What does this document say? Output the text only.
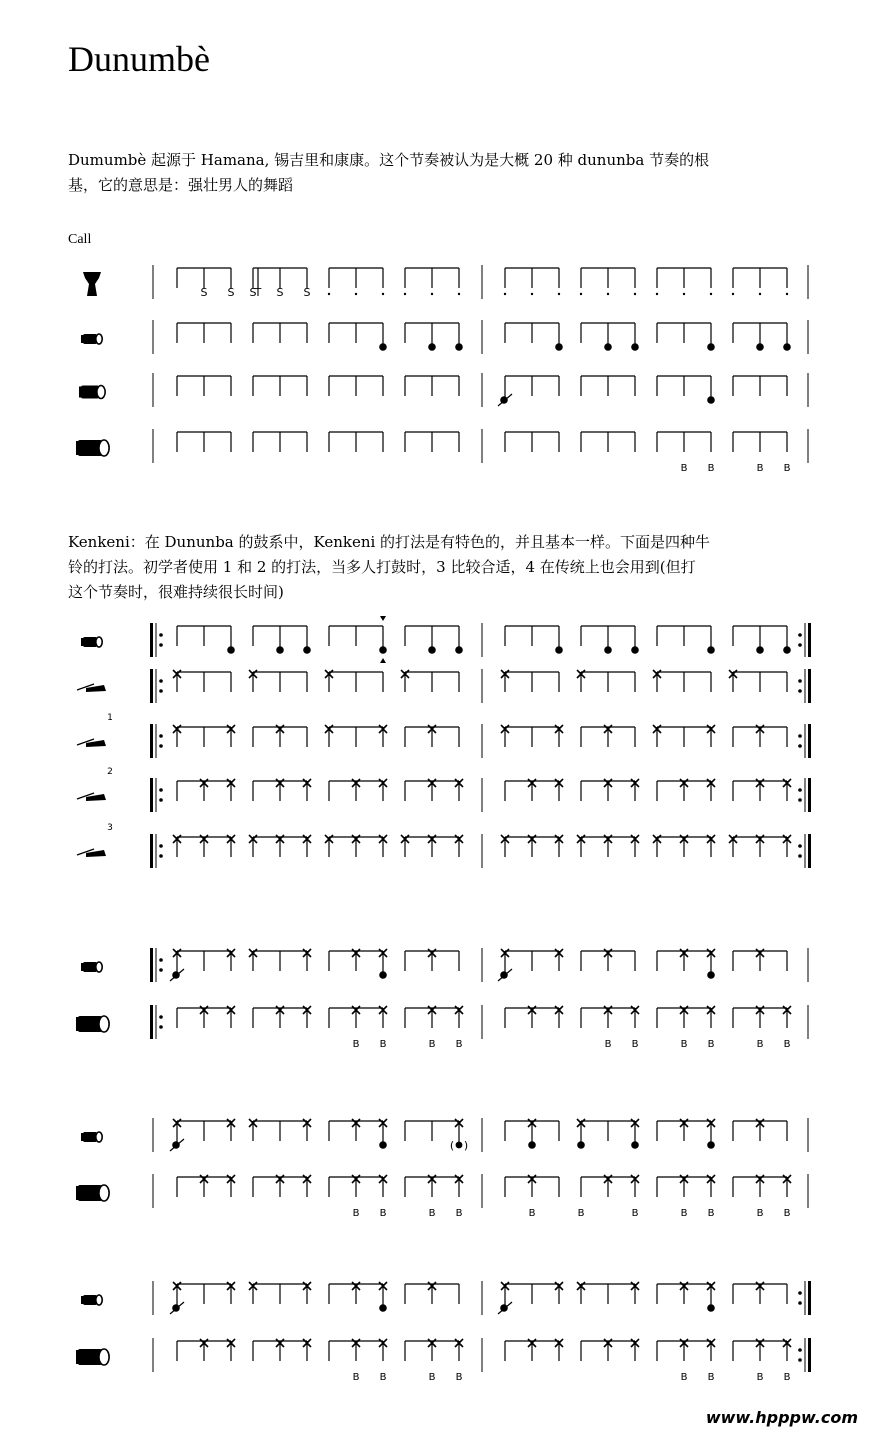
Dunumbè
Dumumbè 起源于 Hamana, 锡吉里和康康。这个节奏被认为是大概 20 种 dununba 节奏的根
基，它的意思是：强壮男人的舞蹈
Call
Kenkeni：在 Dununba 的鼓系中，Kenkeni 的打法是有特色的，并且基本一样。下面是四种牛
铃的打法。初学者使用 1 和 2 的打法，当多人打鼓时，3 比较合适，4 在传统上也会用到(但打
这个节奏时，很难持续很长时间)
S S T
S S S
B B	B B
1
2
3
B B	B B	B B	B B	B B
( )
B B	B B	B	B	B	B B	B B
B B	B B	B B	B B
www.hpppw.com
